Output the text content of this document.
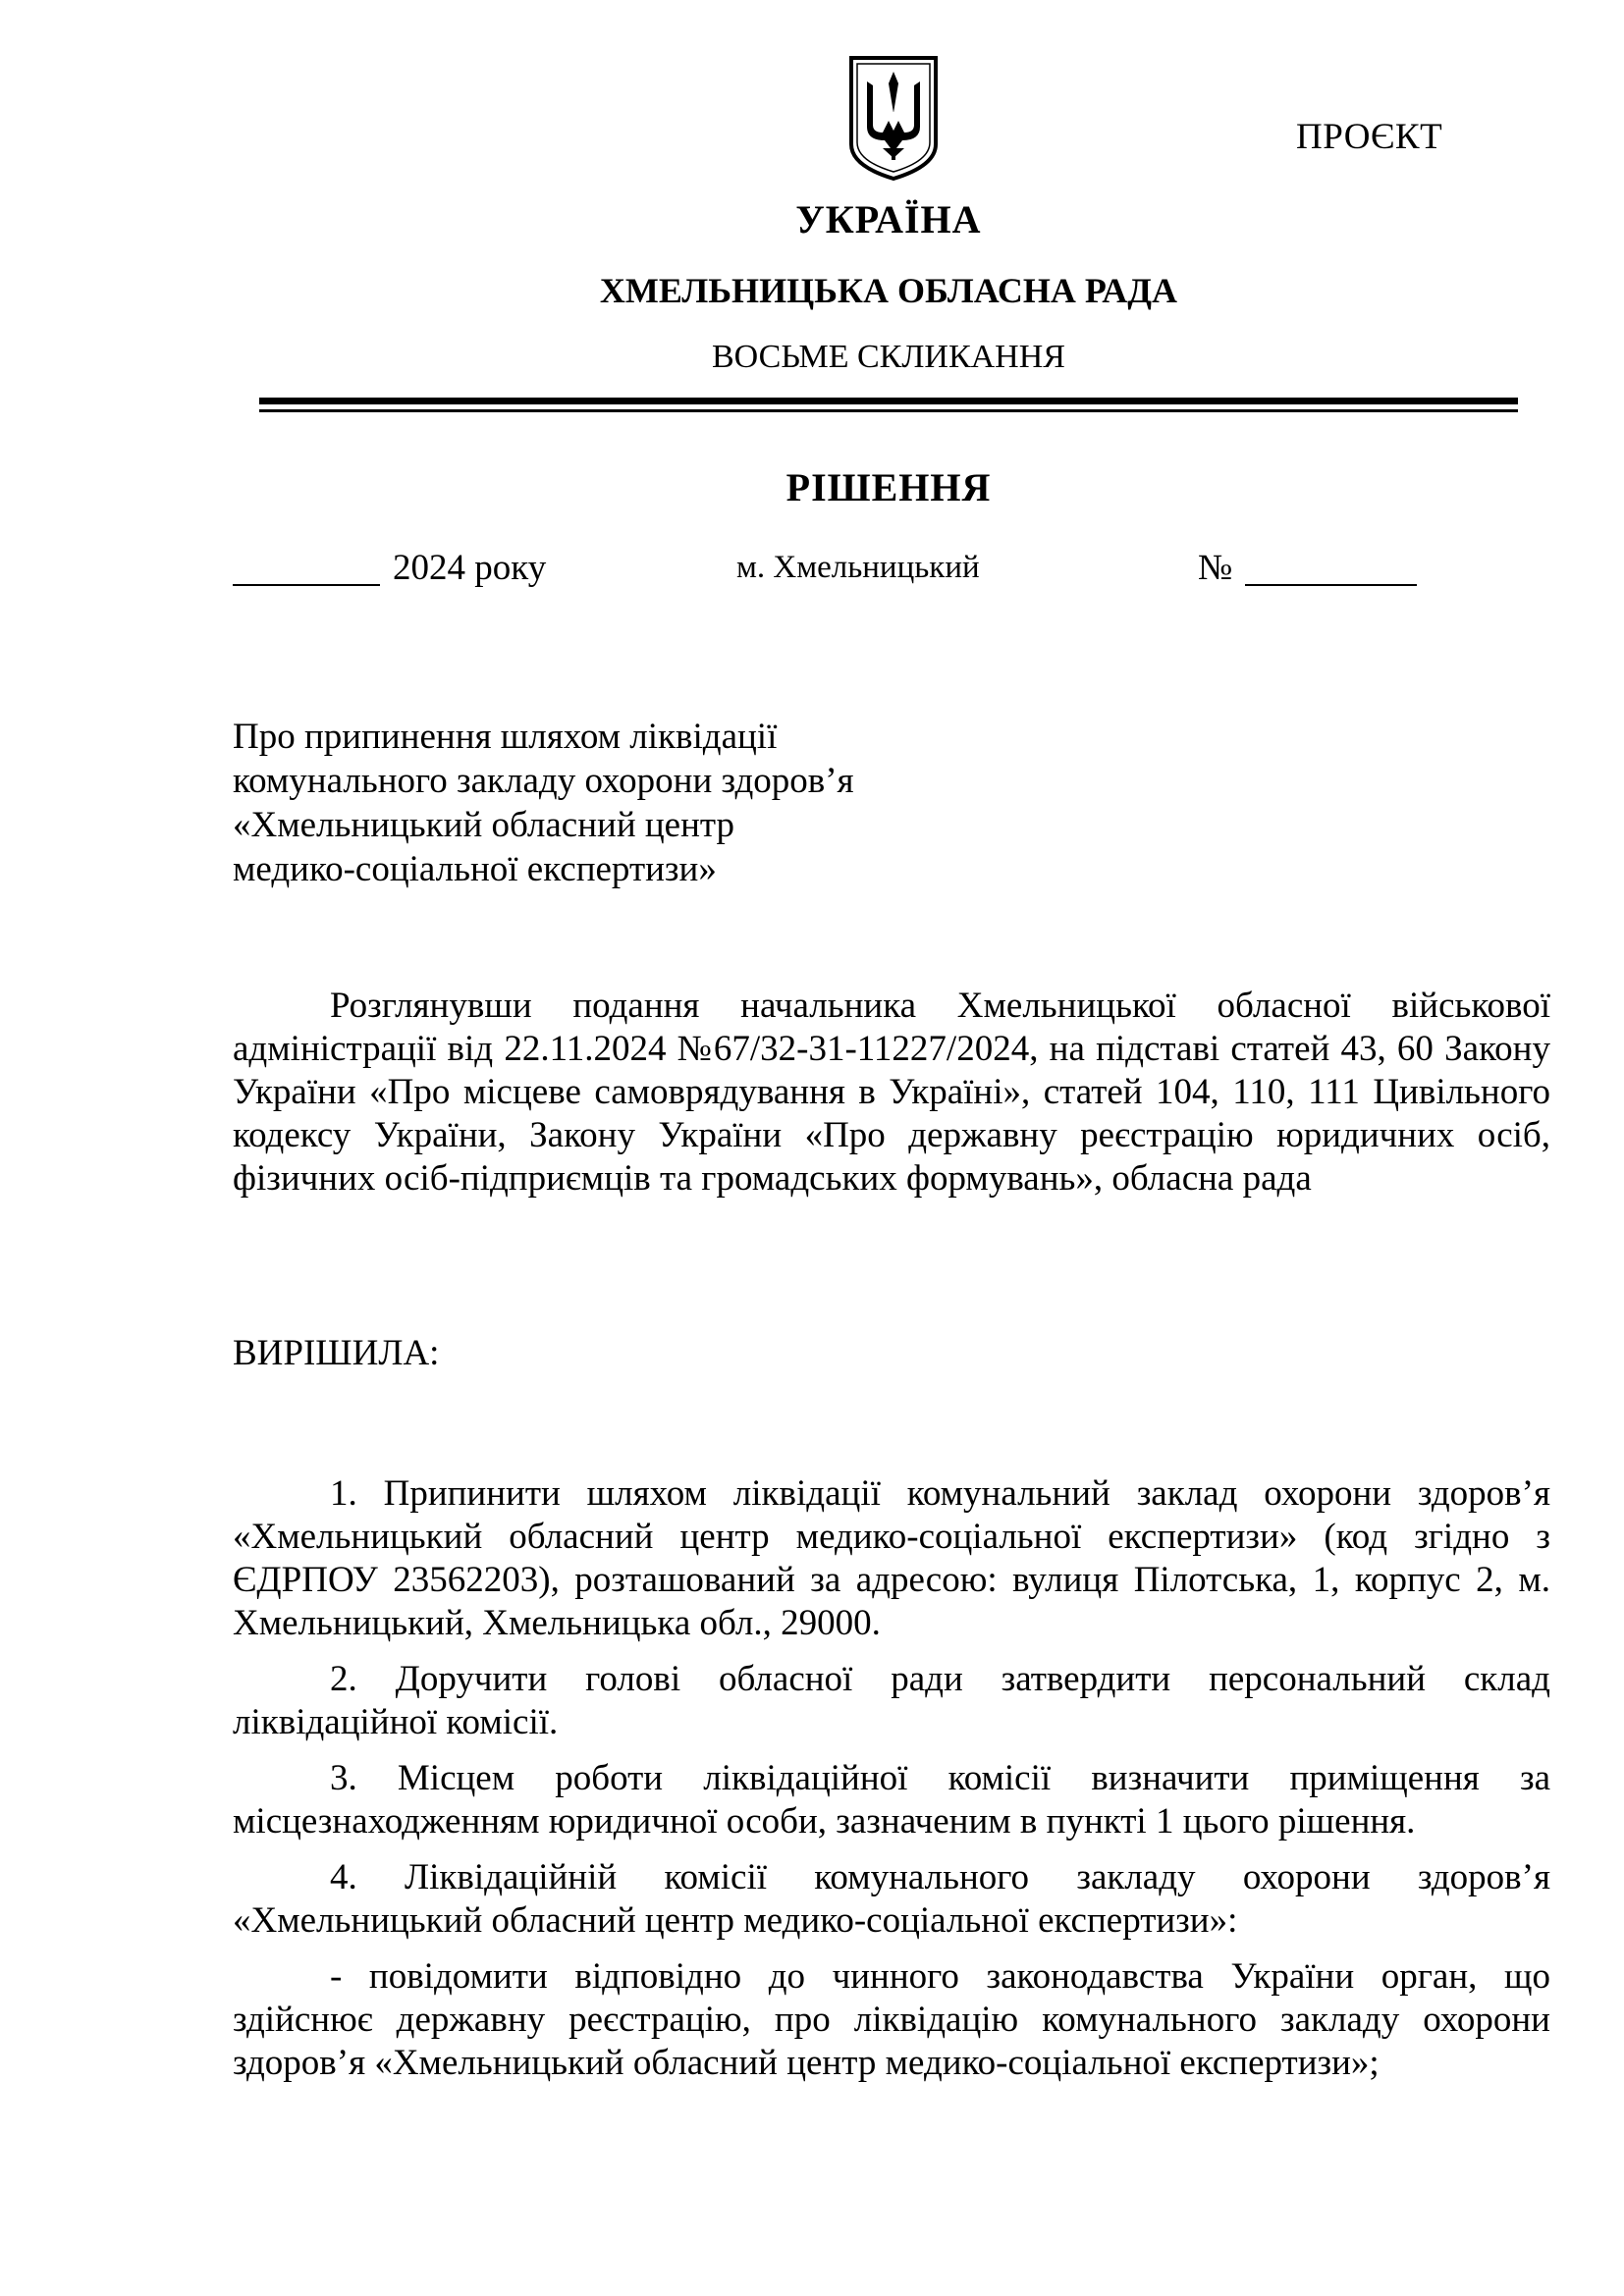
ПРОЄКТ
УКРАЇНА
ХМЕЛЬНИЦЬКА ОБЛАСНА РАДА
ВОСЬМЕ СКЛИКАННЯ
РІШЕННЯ
2024 року	м. Хмельницький	№
Про припинення шляхом ліквідації
комунального закладу охорони здоров’я
«Хмельницький обласний центр
медико-соціальної експертизи»

Розглянувши подання начальника Хмельницької обласної військової адміністрації від 22.11.2024 №67/32-31-11227/2024, на підставі статей 43, 60 Закону України «Про місцеве самоврядування в Україні», статей 104, 110, 111 Цивільного кодексу України, Закону України «Про державну реєстрацію юридичних осіб, фізичних осіб-підприємців та громадських формувань», обласна рада

ВИРІШИЛА:

1. Припинити шляхом ліквідації комунальний заклад охорони здоров’я «Хмельницький обласний центр медико-соціальної експертизи» (код згідно з ЄДРПОУ 23562203), розташований за адресою: вулиця Пілотська, 1, корпус 2, м. Хмельницький, Хмельницька обл., 29000.

2. Доручити голові обласної ради затвердити персональний склад ліквідаційної комісії.

3. Місцем роботи ліквідаційної комісії визначити приміщення за місцезнаходженням юридичної особи, зазначеним в пункті 1 цього рішення.

4. Ліквідаційній комісії комунального закладу охорони здоров’я «Хмельницький обласний центр медико-соціальної експертизи»:

- повідомити відповідно до чинного законодавства України орган, що здійснює державну реєстрацію, про ліквідацію комунального закладу охорони здоров’я «Хмельницький обласний центр медико-соціальної експертизи»;
